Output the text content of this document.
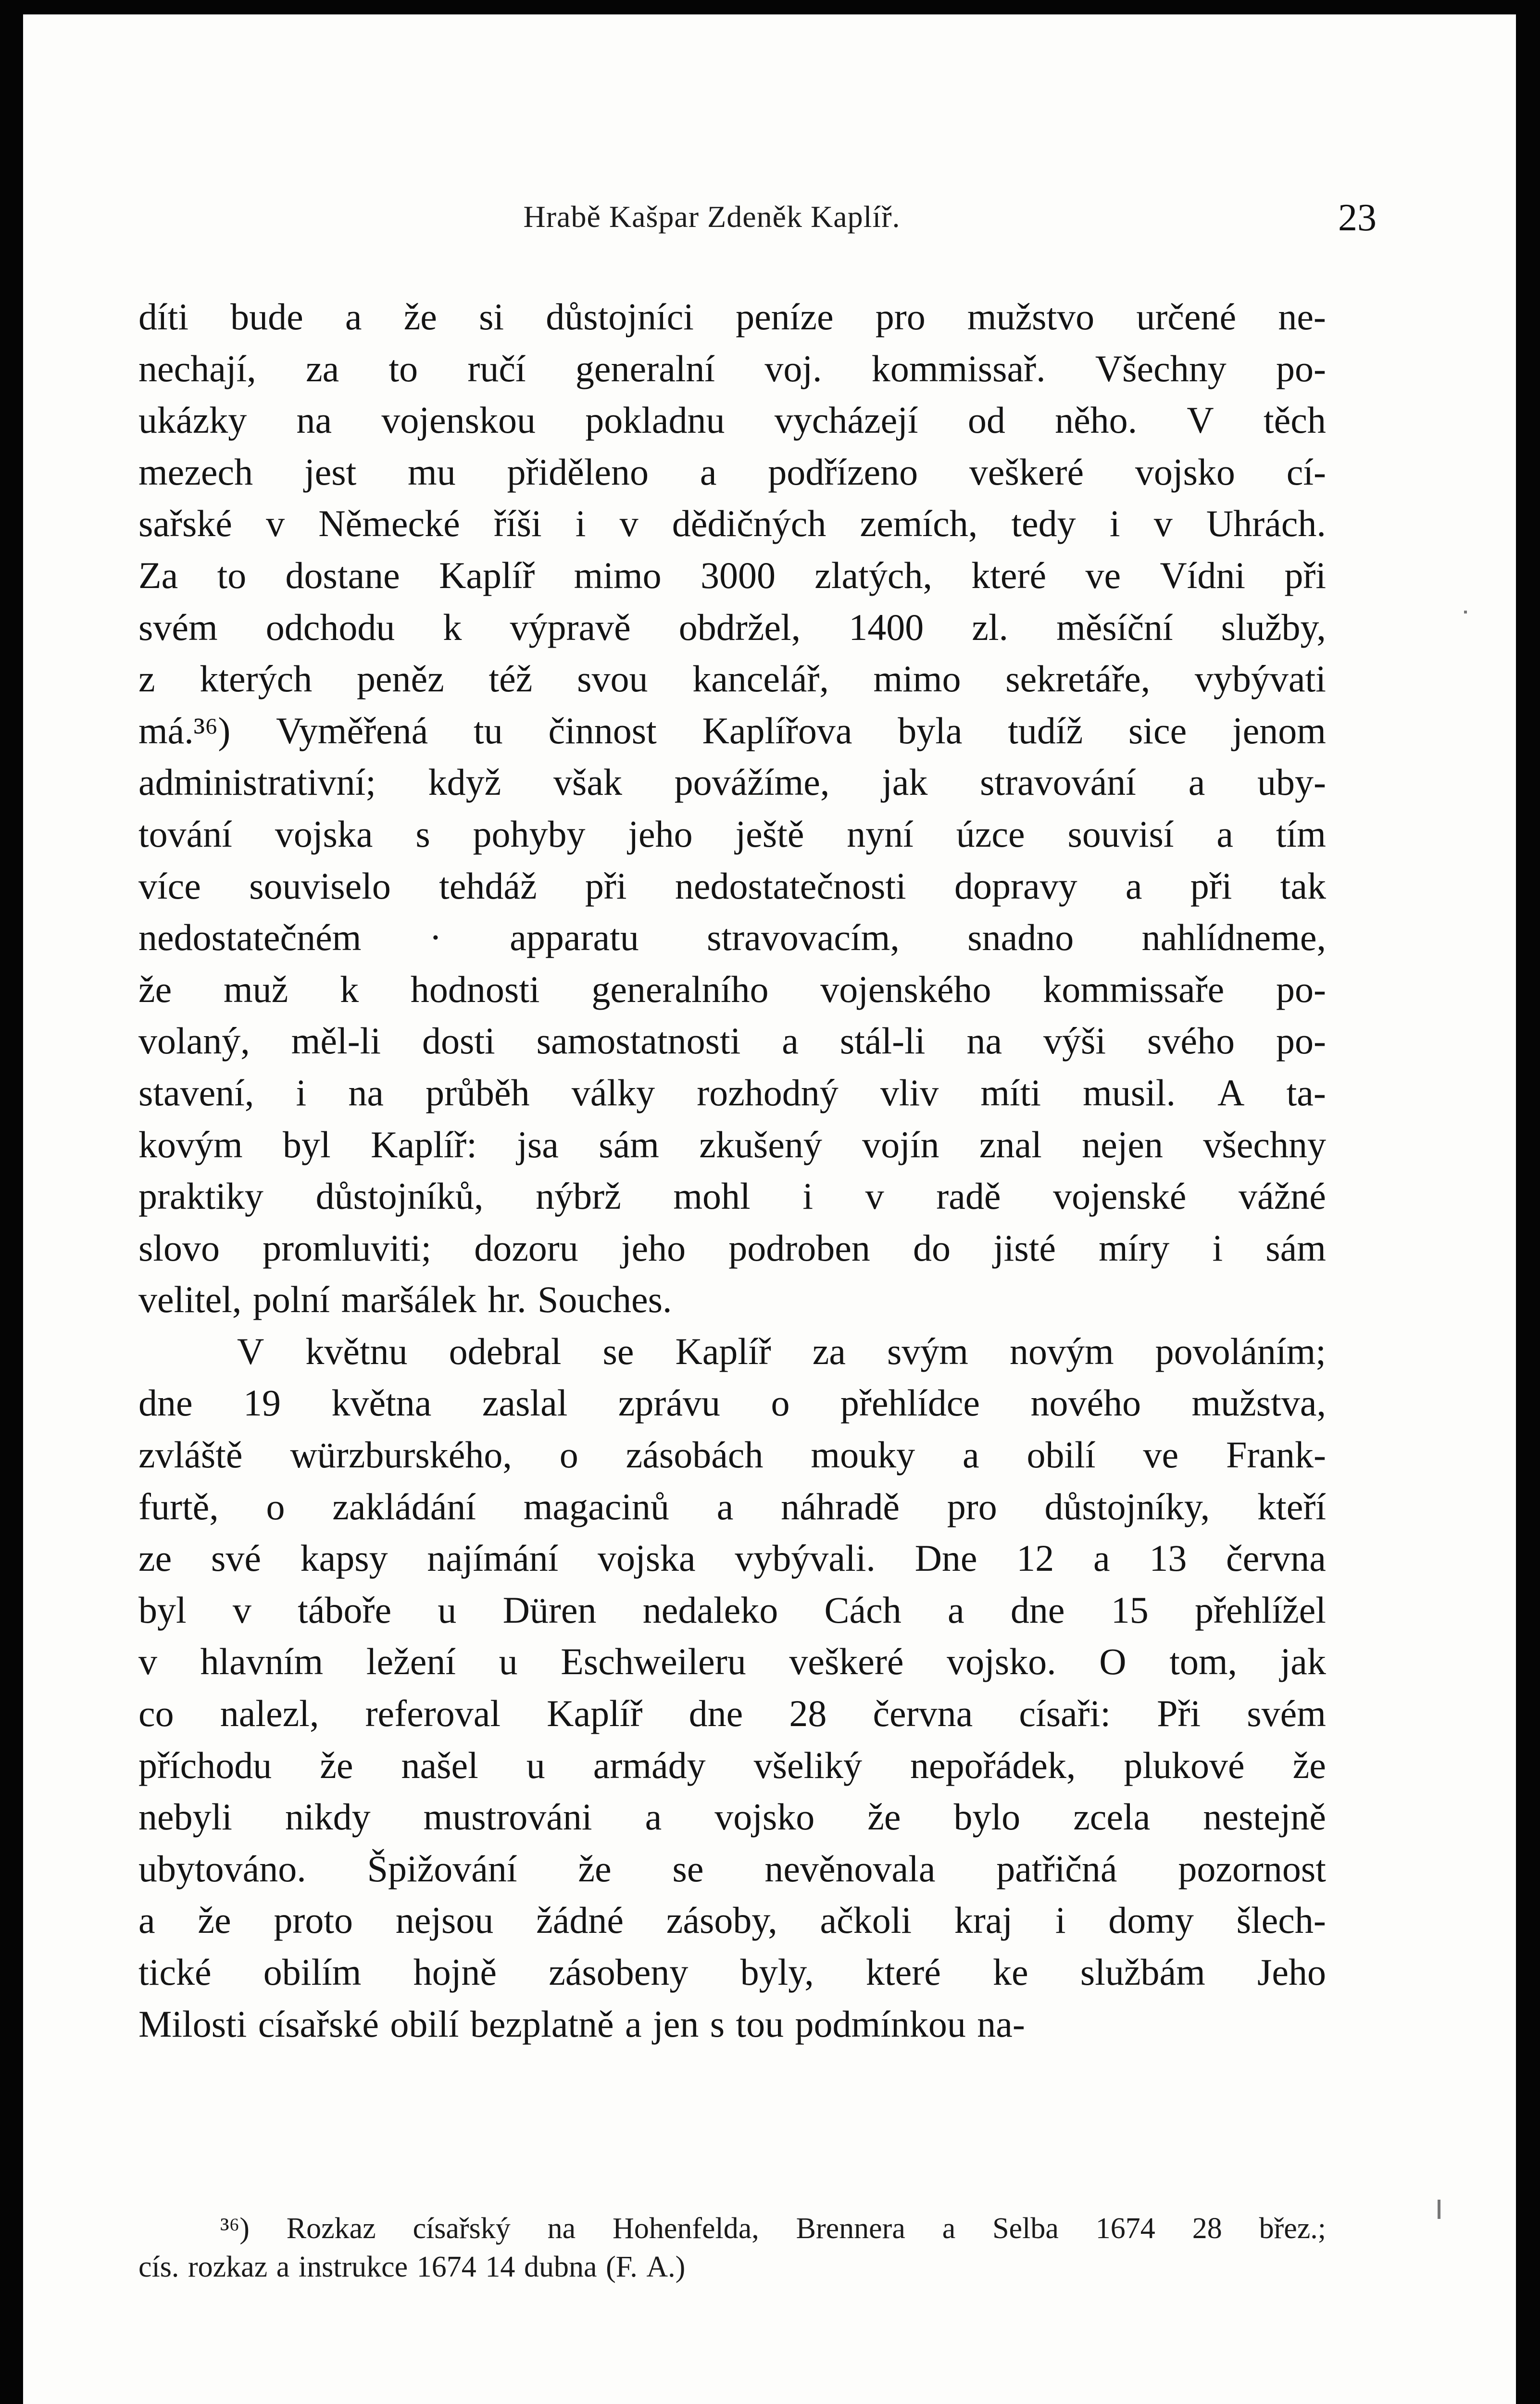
Hrabě Kašpar Zdeněk Kaplíř.	23
díti bude a že si důstojníci peníze pro mužstvo určené ne-
nechají, za to ručí generalní voj. kommissař. Všechny po-
ukázky na vojenskou pokladnu vycházejí od něho. V těch
mezech jest mu přiděleno a podřízeno veškeré vojsko cí-
sařské v Německé říši i v dědičných zemích, tedy i v Uhrách.
Za to dostane Kaplíř mimo 3000 zlatých, které ve Vídni při
svém odchodu k výpravě obdržel, 1400 zl. měsíční služby,
z kterých peněz též svou kancelář, mimo sekretáře, vybývati
má.³⁶) Vyměřená tu činnost Kaplířova byla tudíž sice jenom
administrativní; když však povážíme, jak stravování a uby-
tování vojska s pohyby jeho ještě nyní úzce souvisí a tím
více souviselo tehdáž při nedostatečnosti dopravy a při tak
nedostatečném · apparatu stravovacím, snadno nahlídneme,
že muž k hodnosti generalního vojenského kommissaře po-
volaný, měl-li dosti samostatnosti a stál-li na výši svého po-
stavení, i na průběh války rozhodný vliv míti musil. A ta-
kovým byl Kaplíř: jsa sám zkušený vojín znal nejen všechny
praktiky důstojníků, nýbrž mohl i v radě vojenské vážné
slovo promluviti; dozoru jeho podroben do jisté míry i sám
velitel, polní maršálek hr. Souches.
V květnu odebral se Kaplíř za svým novým povoláním;
dne 19 května zaslal zprávu o přehlídce nového mužstva,
zvláště würzburského, o zásobách mouky a obilí ve Frank-
furtě, o zakládání magacinů a náhradě pro důstojníky, kteří
ze své kapsy najímání vojska vybývali. Dne 12 a 13 června
byl v táboře u Düren nedaleko Cách a dne 15 přehlížel
v hlavním ležení u Eschweileru veškeré vojsko. O tom, jak
co nalezl, referoval Kaplíř dne 28 června císaři: Při svém
příchodu že našel u armády všeliký nepořádek, plukové že
nebyli nikdy mustrováni a vojsko že bylo zcela nestejně
ubytováno. Špižování že se nevěnovala patřičná pozornost
a že proto nejsou žádné zásoby, ačkoli kraj i domy šlech-
tické obilím hojně zásobeny byly, které ke službám Jeho
Milosti císařské obilí bezplatně a jen s tou podmínkou na-
³⁶) Rozkaz císařský na Hohenfelda, Brennera a Selba 1674 28 břez.;
cís. rozkaz a instrukce 1674 14 dubna (F. A.)
